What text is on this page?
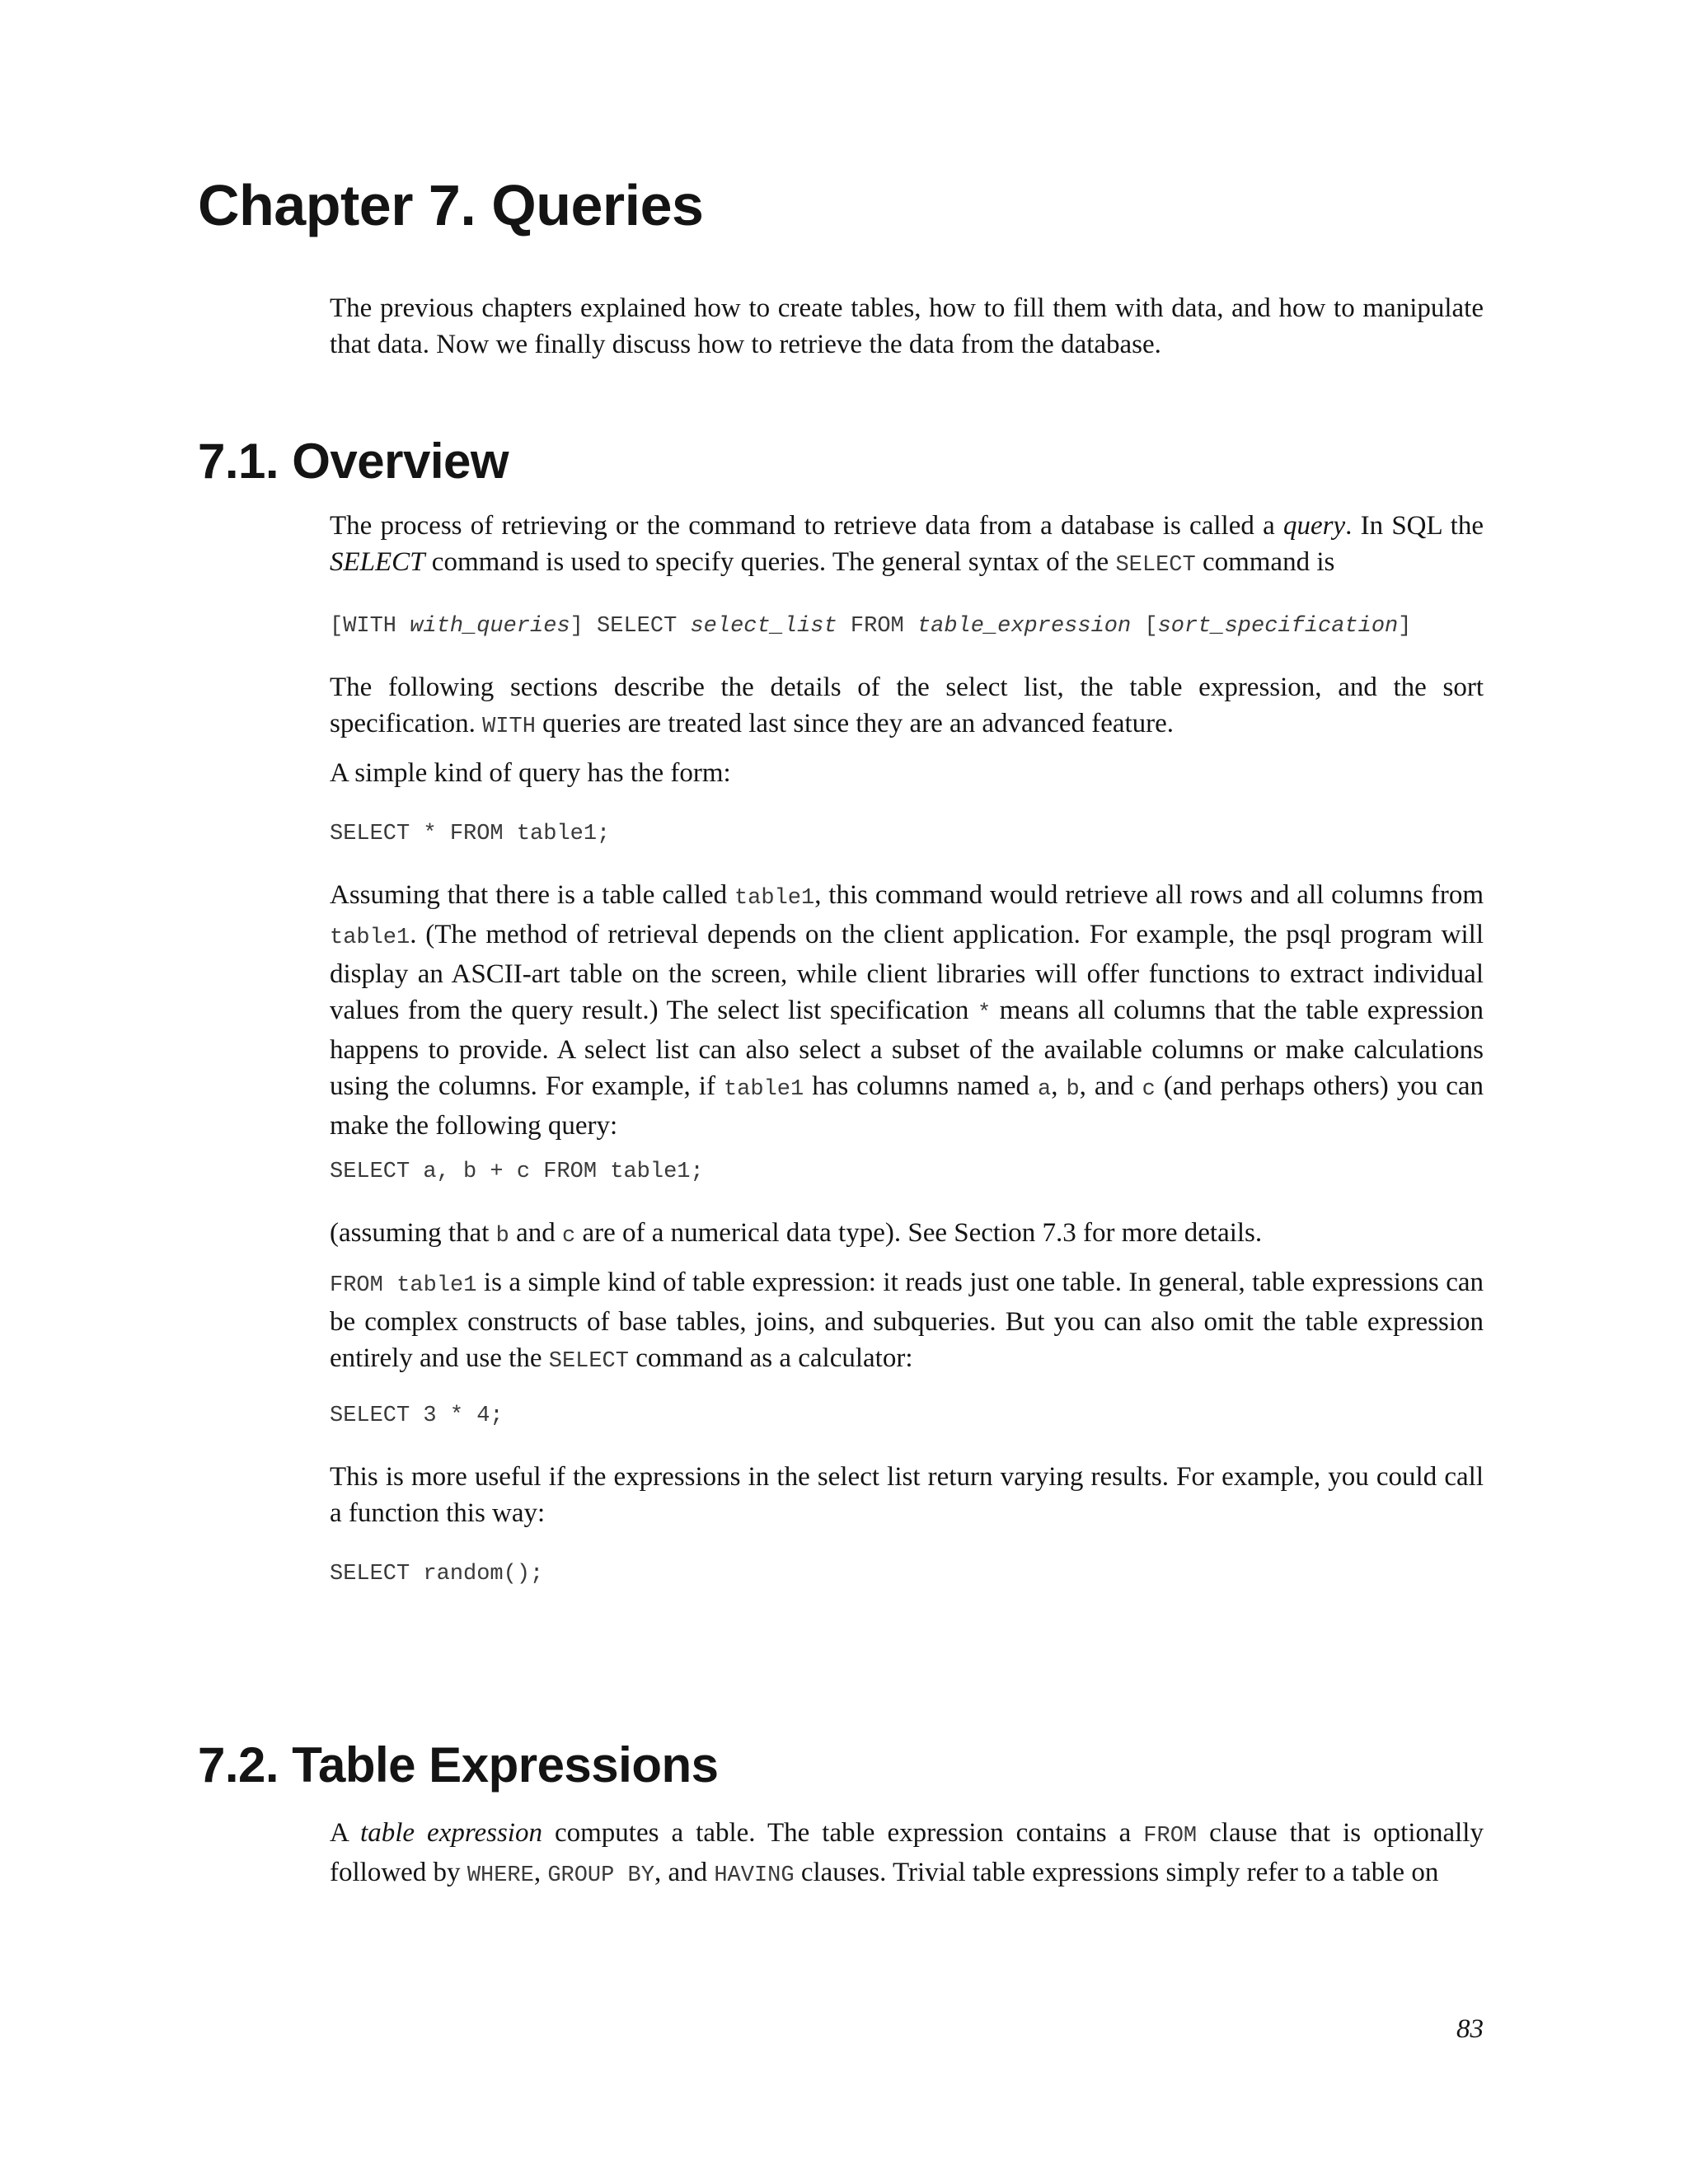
Chapter 7. Queries

The previous chapters explained how to create tables, how to fill them with data, and how to manipulate that data. Now we finally discuss how to retrieve the data from the database.

7.1. Overview

The process of retrieving or the command to retrieve data from a database is called a query. In SQL the SELECT command is used to specify queries. The general syntax of the SELECT command is

[WITH with_queries] SELECT select_list FROM table_expression [sort_specification]

The following sections describe the details of the select list, the table expression, and the sort specification. WITH queries are treated last since they are an advanced feature.

A simple kind of query has the form:

SELECT * FROM table1;

Assuming that there is a table called table1, this command would retrieve all rows and all columns from table1. (The method of retrieval depends on the client application. For example, the psql program will display an ASCII-art table on the screen, while client libraries will offer functions to extract individual values from the query result.) The select list specification * means all columns that the table expression happens to provide. A select list can also select a subset of the available columns or make calculations using the columns. For example, if table1 has columns named a, b, and c (and perhaps others) you can make the following query:

SELECT a, b + c FROM table1;

(assuming that b and c are of a numerical data type). See Section 7.3 for more details.

FROM table1 is a simple kind of table expression: it reads just one table. In general, table expressions can be complex constructs of base tables, joins, and subqueries. But you can also omit the table expression entirely and use the SELECT command as a calculator:

SELECT 3 * 4;

This is more useful if the expressions in the select list return varying results. For example, you could call a function this way:

SELECT random();

7.2. Table Expressions

A table expression computes a table. The table expression contains a FROM clause that is optionally followed by WHERE, GROUP BY, and HAVING clauses. Trivial table expressions simply refer to a table on

83
